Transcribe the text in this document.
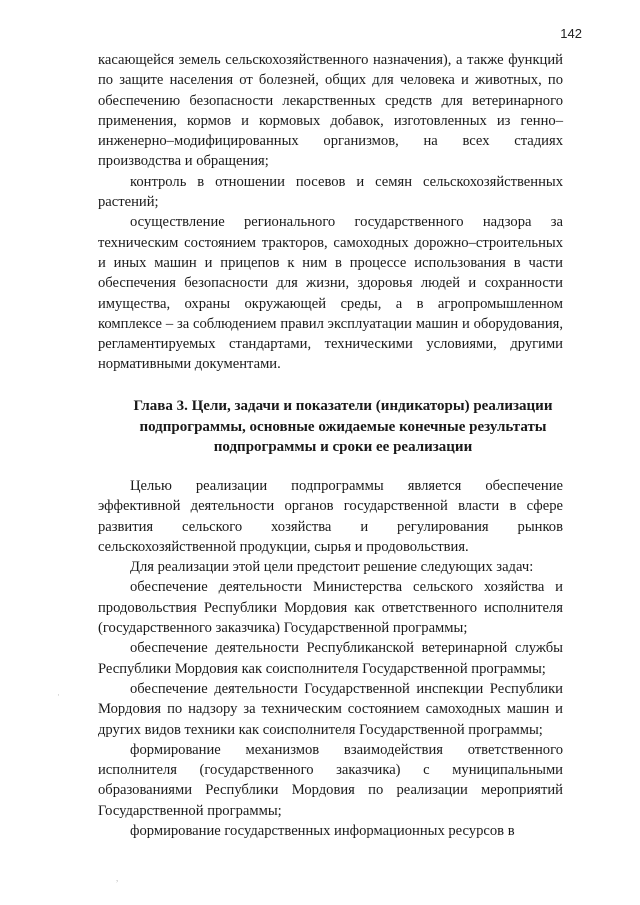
142

касающейся земель сельскохозяйственного назначения), а также функций по защите населения от болезней, общих для человека и животных, по обеспечению безопасности лекарственных средств для ветеринарного применения, кормов и кормовых добавок, изготовленных из генно–инженерно–модифицированных организмов, на всех стадиях производства и обращения;

контроль в отношении посевов и семян сельскохозяйственных растений;

осуществление регионального государственного надзора за техническим состоянием тракторов, самоходных дорожно–строительных и иных машин и прицепов к ним в процессе использования в части обеспечения безопасности для жизни, здоровья людей и сохранности имущества, охраны окружающей среды, а в агропромышленном комплексе – за соблюдением правил эксплуатации машин и оборудования, регламентируемых стандартами, техническими условиями, другими нормативными документами.

Глава 3. Цели, задачи и показатели (индикаторы) реализации подпрограммы, основные ожидаемые конечные результаты подпрограммы и сроки ее реализации

Целью реализации подпрограммы является обеспечение эффективной деятельности органов государственной власти в сфере развития сельского хозяйства и регулирования рынков сельскохозяйственной продукции, сырья и продовольствия.

Для реализации этой цели предстоит решение следующих задач:

обеспечение деятельности Министерства сельского хозяйства и продовольствия Республики Мордовия как ответственного исполнителя (государственного заказчика) Государственной программы;

обеспечение деятельности Республиканской ветеринарной службы Республики Мордовия как соисполнителя Государственной программы;

обеспечение деятельности Государственной инспекции Республики Мордовия по надзору за техническим состоянием самоходных машин и других видов техники как соисполнителя Государственной программы;

формирование механизмов взаимодействия ответственного исполнителя (государственного заказчика) с муниципальными образованиями Республики Мордовия по реализации мероприятий Государственной программы;

формирование государственных информационных ресурсов в

·
,
